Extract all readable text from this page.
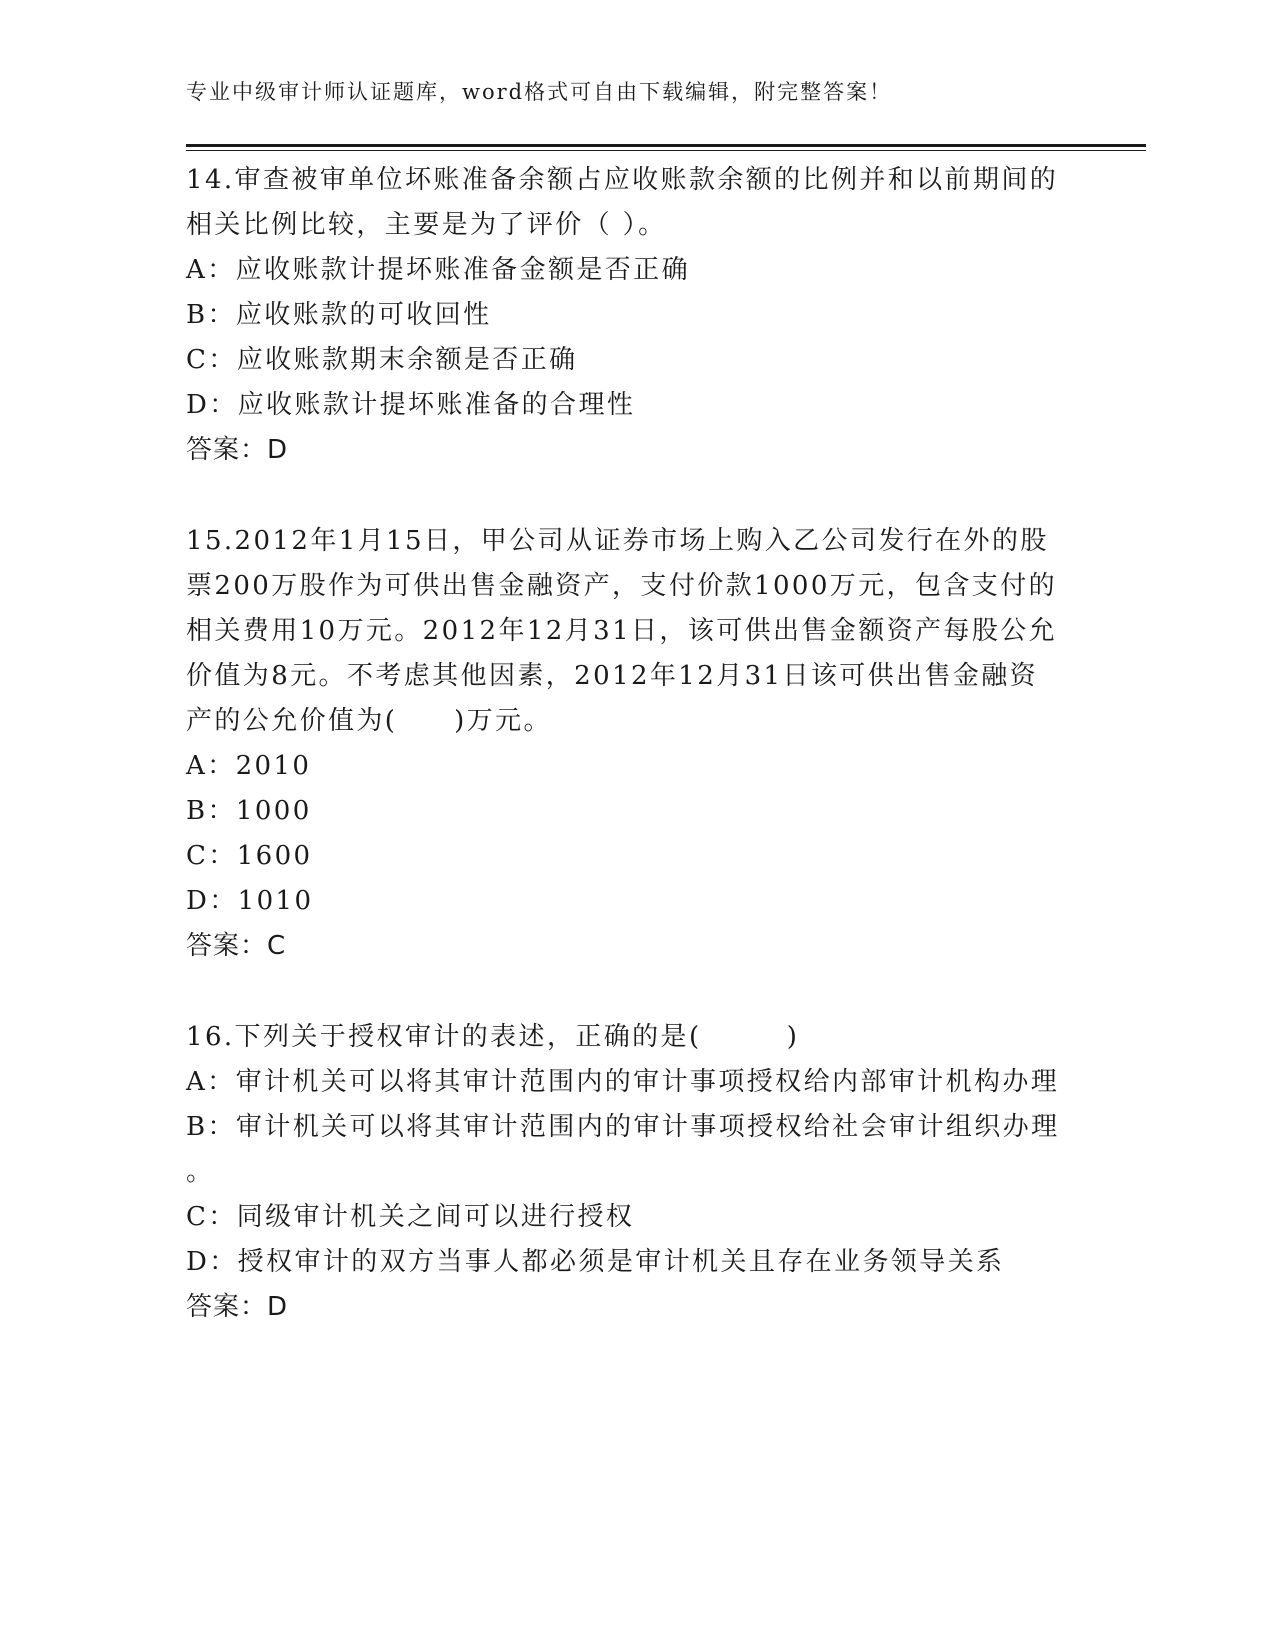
专业中级审计师认证题库，word格式可自由下载编辑，附完整答案！

14.审查被审单位坏账准备余额占应收账款余额的比例并和以前期间的相关比例比较，主要是为了评价（ ）。

A：应收账款计提坏账准备金额是否正确

B：应收账款的可收回性

C：应收账款期末余额是否正确

D：应收账款计提坏账准备的合理性

答案：D

15.2012年1月15日，甲公司从证券市场上购入乙公司发行在外的股票200万股作为可供出售金融资产，支付价款1000万元，包含支付的相关费用10万元。2012年12月31日，该可供出售金额资产每股公允价值为8元。不考虑其他因素，2012年12月31日该可供出售金融资产的公允价值为(　　)万元。

A：2010

B：1000

C：1600

D：1010

答案：C

16.下列关于授权审计的表述，正确的是(　　　)

A：审计机关可以将其审计范围内的审计事项授权给内部审计机构办理

B：审计机关可以将其审计范围内的审计事项授权给社会审计组织办理

。

C：同级审计机关之间可以进行授权

D：授权审计的双方当事人都必须是审计机关且存在业务领导关系

答案：D
